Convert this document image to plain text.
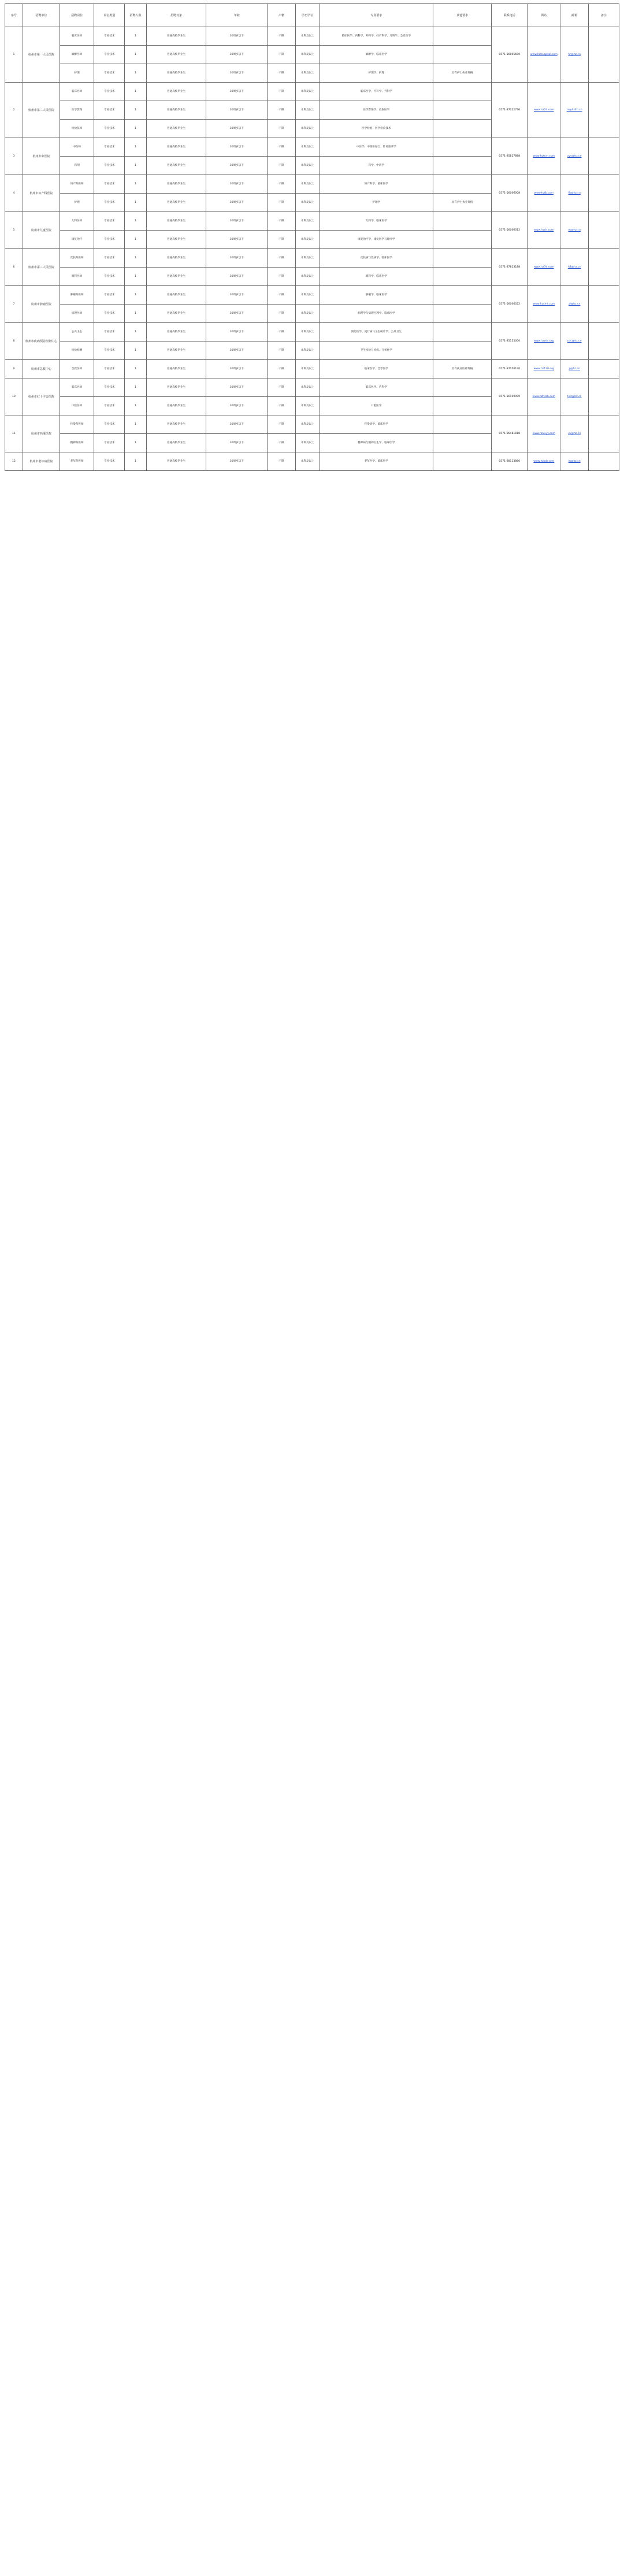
序号	招聘单位	招聘岗位	岗位类别	招聘人数	招聘对象	年龄	户籍	学历学位	专业要求	其他要求	联系电话	网站	邮箱	备注
1	杭州市第一人民医院	临床医师	专业技术	1	普通高校毕业生	30周岁以下	不限	本科及以上	临床医学、内科学、外科学、妇产科学、儿科学、急诊医学		0571-56005600	www.hzhospital.com	hr@hz.cn	
		麻醉医师	专业技术	1	普通高校毕业生	30周岁以下	不限	本科及以上	麻醉学、临床医学					
		护理	专业技术	1	普通高校毕业生	30周岁以下	不限	本科及以上	护理学、护理	具有护士执业资格				
2	杭州市第二人民医院	临床医师	专业技术	1	普通高校毕业生	30周岁以下	不限	本科及以上	临床医学、内科学、外科学		0571-87022776	www.hz2h.com	rs@hz2h.cn	
		医学影像	专业技术	1	普通高校毕业生	30周岁以下	不限	本科及以上	医学影像学、放射医学					
		检验技师	专业技术	1	普通高校毕业生	30周岁以下	不限	本科及以上	医学检验、医学检验技术					
3	杭州市中医院	中医师	专业技术	1	普通高校毕业生	30周岁以下	不限	本科及以上	中医学、中西医结合、针灸推拿学		0571-85827888	www.hztcm.com	zyy@hz.cn	
		药剂	专业技术	1	普通高校毕业生	30周岁以下	不限	本科及以上	药学、中药学					
4	杭州市妇产科医院	妇产科医师	专业技术	1	普通高校毕业生	30周岁以下	不限	本科及以上	妇产科学、临床医学		0571-56006008	www.hzfb.com	fb@hz.cn	
		护理	专业技术	1	普通高校毕业生	30周岁以下	不限	本科及以上	护理学	具有护士执业资格				
5	杭州市儿童医院	儿科医师	专业技术	1	普通高校毕业生	30周岁以下	不限	本科及以上	儿科学、临床医学		0571-56006012	www.hzch.com	et@hz.cn	
		康复治疗	专业技术	1	普通高校毕业生	30周岁以下	不限	本科及以上	康复治疗学、康复医学与理疗学					
6	杭州市第三人民医院	皮肤科医师	专业技术	1	普通高校毕业生	30周岁以下	不限	本科及以上	皮肤病与性病学、临床医学		0571-87823188	www.hz3h.com	h3@hz.cn	
		眼科医师	专业技术	1	普通高校毕业生	30周岁以下	不限	本科及以上	眼科学、临床医学					
7	杭州市肿瘤医院	肿瘤科医师	专业技术	1	普通高校毕业生	30周岁以下	不限	本科及以上	肿瘤学、临床医学		0571-56006022	www.hzch-t.com	zl@hz.cn	
		病理医师	专业技术	1	普通高校毕业生	30周岁以下	不限	本科及以上	病理学与病理生理学、临床医学					
8	杭州市疾病预防控制中心	公共卫生	专业技术	1	普通高校毕业生	30周岁以下	不限	本科及以上	预防医学、流行病与卫生统计学、公共卫生		0571-85155000	www.hzcdc.org	cdc@hz.cn	
		检验检测	专业技术	1	普通高校毕业生	30周岁以下	不限	本科及以上	卫生检验与检疫、分析化学					
9	杭州市急救中心	急救医师	专业技术	1	普通高校毕业生	30周岁以下	不限	本科及以上	临床医学、急诊医学	具有执业医师资格	0571-87050120	www.hz120.org	jj@hz.cn	
10	杭州市红十字会医院	临床医师	专业技术	1	普通高校毕业生	30周岁以下	不限	本科及以上	临床医学、内科学		0571-56109999	www.hzhszh.com	hsz@hz.cn	
		口腔医师	专业技术	1	普通高校毕业生	30周岁以下	不限	本科及以上	口腔医学					
11	杭州市西溪医院	传染科医师	专业技术	1	普通高校毕业生	30周岁以下	不限	本科及以上	传染病学、临床医学		0571-86481818	www.hzxxyy.com	xx@hz.cn	
		精神科医师	专业技术	1	普通高校毕业生	30周岁以下	不限	本科及以上	精神病与精神卫生学、临床医学					
12	杭州市老年病医院	老年科医师	专业技术	1	普通高校毕业生	30周岁以下	不限	本科及以上	老年医学、临床医学		0571-88113866	www.hzlnb.com	ln@hz.cn	
